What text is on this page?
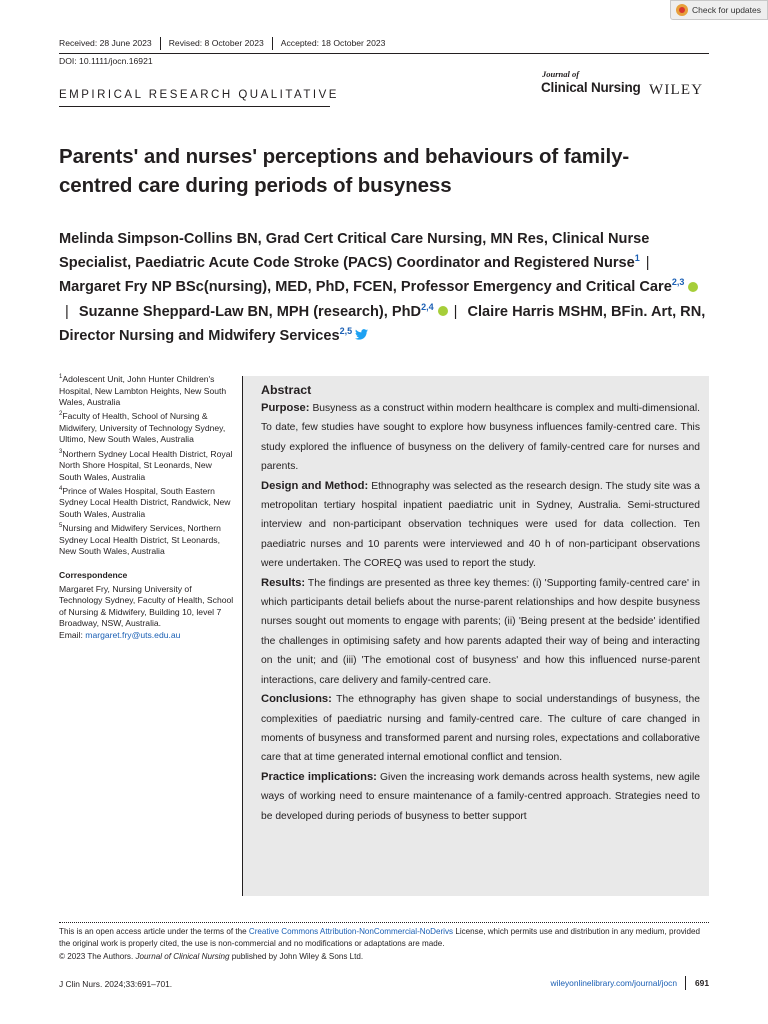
Check for updates
Received: 28 June 2023	Revised: 8 October 2023	Accepted: 18 October 2023
DOI: 10.1111/jocn.16921
Journal of
Clinical Nursing WILEY
EMPIRICAL RESEARCH QUALITATIVE
Parents' and nurses' perceptions and behaviours of family-centred care during periods of busyness
Melinda Simpson-Collins BN, Grad Cert Critical Care Nursing, MN Res, Clinical Nurse Specialist, Paediatric Acute Code Stroke (PACS) Coordinator and Registered Nurse$^1$ | Margaret Fry NP BSc(nursing), MED, PhD, FCEN, Professor Emergency and Critical Care$^{2,3}$| Suzanne Sheppard-Law BN, MPH (research), PhD$^{2,4}$ | Claire Harris MSHM, BFin. Art, RN, Director Nursing and Midwifery Services$^{2,5}$

$^1$Adolescent Unit, John Hunter Children's Hospital, New Lambton Heights, New South Wales, Australia

$^2$Faculty of Health, School of Nursing & Midwifery, University of Technology Sydney, Ultimo, New South Wales, Australia

$^3$Northern Sydney Local Health District, Royal North Shore Hospital, St Leonards, New South Wales, Australia

$^4$Prince of Wales Hospital, South Eastern Sydney Local Health District, Randwick, New South Wales, Australia

$^5$Nursing and Midwifery Services, Northern Sydney Local Health District, St Leonards, New South Wales, Australia

Correspondence

Margaret Fry, Nursing University of Technology Sydney, Faculty of Health, School of Nursing & Midwifery, Building 10, level 7 Broadway, NSW, Australia.
Email: margaret.fry@uts.edu.au

Abstract

Purpose: Busyness as a construct within modern healthcare is complex and multi-dimensional. To date, few studies have sought to explore how busyness influences family-centred care. This study explored the influence of busyness on the delivery of family-centred care for nurses and parents.

Design and Method: Ethnography was selected as the research design. The study site was a metropolitan tertiary hospital inpatient paediatric unit in Sydney, Australia. Semi-structured interview and non-participant observation techniques were used for data collection. Ten paediatric nurses and 10 parents were interviewed and 40 h of non-participant observations were undertaken. The COREQ was used to report the study.

Results: The findings are presented as three key themes: (i) 'Supporting family-centred care' in which participants detail beliefs about the nurse-parent relationships and how despite busyness nurses sought out moments to engage with parents; (ii) 'Being present at the bedside' identified the challenges in optimising safety and how parents adapted their way of being and interacting on the unit; and (iii) 'The emotional cost of busyness' and how this influenced nurse-parent interactions, care delivery and family-centred care.

Conclusions: The ethnography has given shape to social understandings of busyness, the complexities of paediatric nursing and family-centred care. The culture of care changed in moments of busyness and transformed parent and nursing roles, expectations and collaborative care that at time generated internal emotional conflict and tension.

Practice implications: Given the increasing work demands across health systems, new agile ways of working need to ensure maintenance of a family-centred approach. Strategies need to be developed during periods of busyness to better support

This is an open access article under the terms of the Creative Commons Attribution-NonCommercial-NoDerivs License, which permits use and distribution in any medium, provided the original work is properly cited, the use is non-commercial and no modifications or adaptations are made.
© 2023 The Authors. Journal of Clinical Nursing published by John Wiley & Sons Ltd.
J Clin Nurs. 2024;33:691–701.	wileyonlinelibrary.com/journal/jocn	691
